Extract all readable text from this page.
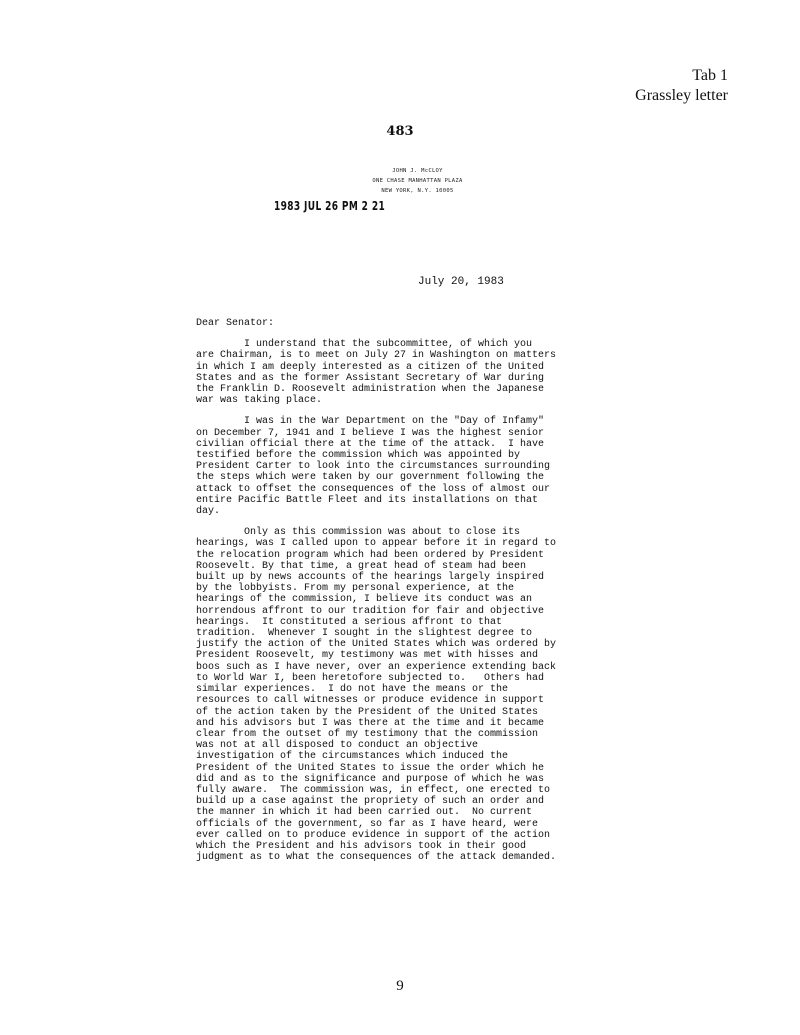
Tab 1
Grassley letter
483
JOHN J. McCLOY
ONE CHASE MANHATTAN PLAZA
NEW YORK, N.Y. 10005
1983 JUL 26 PM 2 21
July 20, 1983
Dear Senator:
I understand that the subcommittee, of which you
are Chairman, is to meet on July 27 in Washington on matters
in which I am deeply interested as a citizen of the United
States and as the former Assistant Secretary of War during
the Franklin D. Roosevelt administration when the Japanese
war was taking place.
I was in the War Department on the "Day of Infamy"
on December 7, 1941 and I believe I was the highest senior
civilian official there at the time of the attack.  I have
testified before the commission which was appointed by
President Carter to look into the circumstances surrounding
the steps which were taken by our government following the
attack to offset the consequences of the loss of almost our
entire Pacific Battle Fleet and its installations on that
day.
Only as this commission was about to close its
hearings, was I called upon to appear before it in regard to
the relocation program which had been ordered by President
Roosevelt. By that time, a great head of steam had been
built up by news accounts of the hearings largely inspired
by the lobbyists. From my personal experience, at the
hearings of the commission, I believe its conduct was an
horrendous affront to our tradition for fair and objective
hearings.  It constituted a serious affront to that
tradition.  Whenever I sought in the slightest degree to
justify the action of the United States which was ordered by
President Roosevelt, my testimony was met with hisses and
boos such as I have never, over an experience extending back
to World War I, been heretofore subjected to.   Others had
similar experiences.  I do not have the means or the
resources to call witnesses or produce evidence in support
of the action taken by the President of the United States
and his advisors but I was there at the time and it became
clear from the outset of my testimony that the commission
was not at all disposed to conduct an objective
investigation of the circumstances which induced the
President of the United States to issue the order which he
did and as to the significance and purpose of which he was
fully aware.  The commission was, in effect, one erected to
build up a case against the propriety of such an order and
the manner in which it had been carried out.  No current
officials of the government, so far as I have heard, were
ever called on to produce evidence in support of the action
which the President and his advisors took in their good
judgment as to what the consequences of the attack demanded.
9
